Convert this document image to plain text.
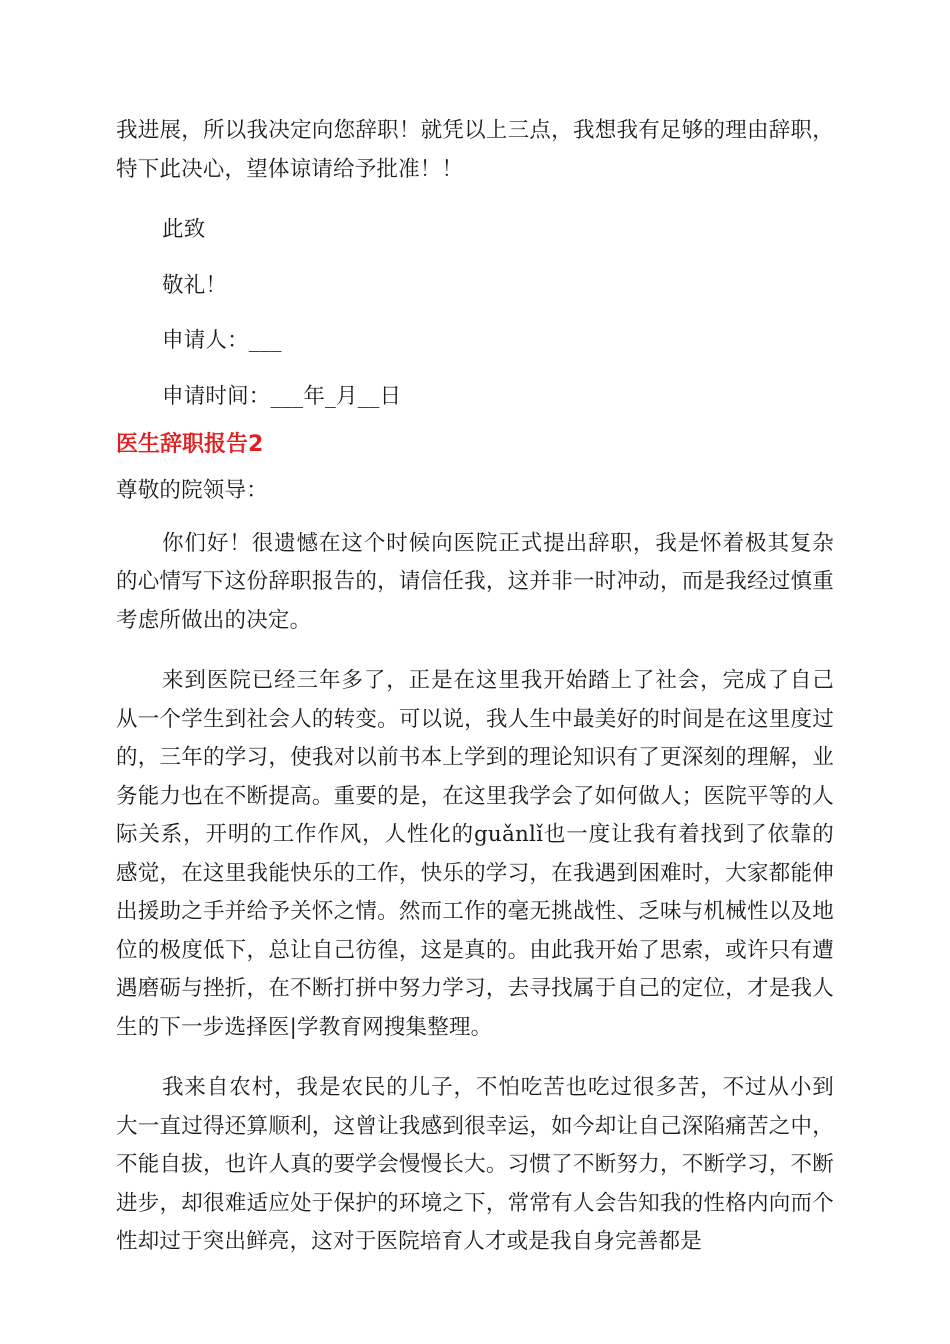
我进展，所以我决定向您辞职！就凭以上三点，我想我有足够的理由辞职，特下此决心，望体谅请给予批准！！

此致

敬礼！

申请人：___

申请时间：___年_月__日

医生辞职报告2

尊敬的院领导：

你们好！很遗憾在这个时候向医院正式提出辞职，我是怀着极其复杂的心情写下这份辞职报告的，请信任我，这并非一时冲动，而是我经过慎重考虑所做出的决定。

来到医院已经三年多了，正是在这里我开始踏上了社会，完成了自己从一个学生到社会人的转变。可以说，我人生中最美好的时间是在这里度过的，三年的学习，使我对以前书本上学到的理论知识有了更深刻的理解，业务能力也在不断提高。重要的是，在这里我学会了如何做人；医院平等的人际关系，开明的工作作风，人性化的guǎnlǐ也一度让我有着找到了依靠的感觉，在这里我能快乐的工作，快乐的学习，在我遇到困难时，大家都能伸出援助之手并给予关怀之情。然而工作的毫无挑战性、乏味与机械性以及地位的极度低下，总让自己彷徨，这是真的。由此我开始了思索，或许只有遭遇磨砺与挫折，在不断打拼中努力学习，去寻找属于自己的定位，才是我人生的下一步选择医|学教育网搜集整理。

我来自农村，我是农民的儿子，不怕吃苦也吃过很多苦，不过从小到大一直过得还算顺利，这曾让我感到很幸运，如今却让自己深陷痛苦之中，不能自拔，也许人真的要学会慢慢长大。习惯了不断努力，不断学习，不断进步，却很难适应处于保护的环境之下，常常有人会告知我的性格内向而个性却过于突出鲜亮，这对于医院培育人才或是我自身完善都是
